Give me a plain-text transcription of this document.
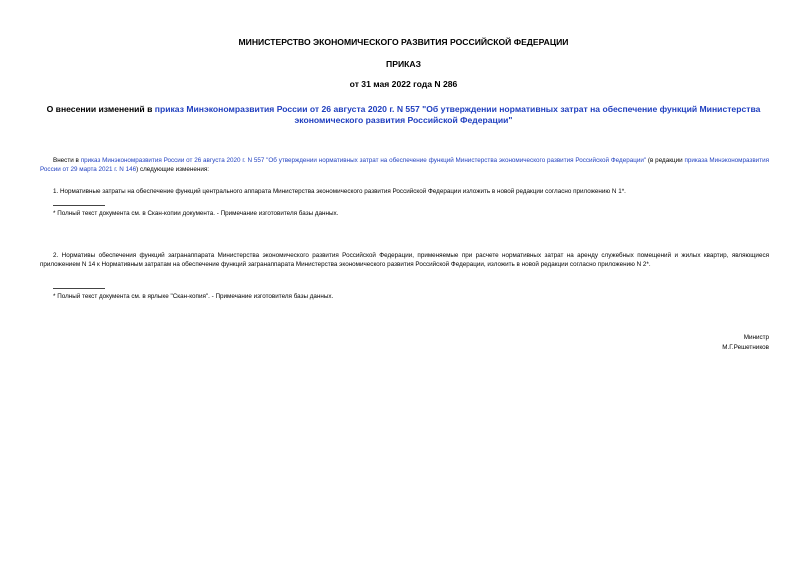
МИНИСТЕРСТВО ЭКОНОМИЧЕСКОГО РАЗВИТИЯ РОССИЙСКОЙ ФЕДЕРАЦИИ
ПРИКАЗ
от 31 мая 2022 года N 286
О внесении изменений в приказ Минэкономразвития России от 26 августа 2020 г. N 557 "Об утверждении нормативных затрат на обеспечение функций Министерства экономического развития Российской Федерации"
Внести в приказ Минэкономразвития России от 26 августа 2020 г. N 557 "Об утверждении нормативных затрат на обеспечение функций Министерства экономического развития Российской Федерации" (в редакции приказа Минэкономразвития России от 29 марта 2021 г. N 146) следующие изменения:
1. Нормативные затраты на обеспечение функций центрального аппарата Министерства экономического развития Российской Федерации изложить в новой редакции согласно приложению N 1*.
* Полный текст документа см. в Скан-копии документа. - Примечание изготовителя базы данных.
2. Нормативы обеспечения функций загранаппарата Министерства экономического развития Российской Федерации, применяемые при расчете нормативных затрат на аренду служебных помещений и жилых квартир, являющиеся приложением N 14 к Нормативным затратам на обеспечение функций загранаппарата Министерства экономического развития Российской Федерации, изложить в новой редакции согласно приложению N 2*.
* Полный текст документа см. в ярлыке "Скан-копия". - Примечание изготовителя базы данных.
Министр
М.Г.Решетников
